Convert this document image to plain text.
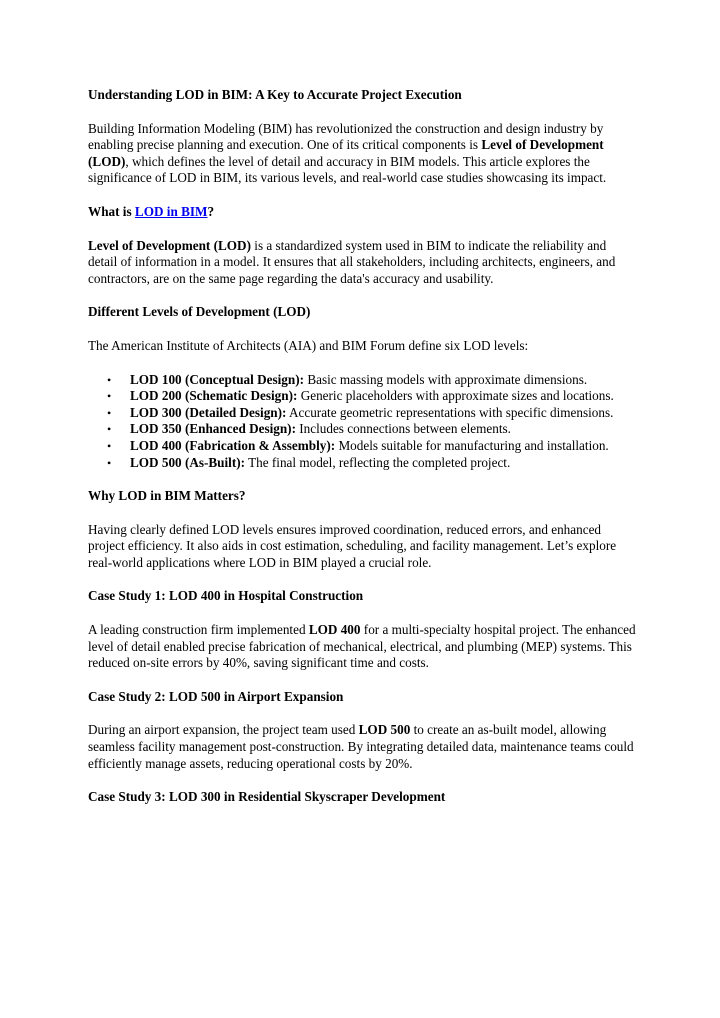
Understanding LOD in BIM: A Key to Accurate Project Execution

Building Information Modeling (BIM) has revolutionized the construction and design industry by enabling precise planning and execution. One of its critical components is Level of Development (LOD), which defines the level of detail and accuracy in BIM models. This article explores the significance of LOD in BIM, its various levels, and real-world case studies showcasing its impact.

What is LOD in BIM?

Level of Development (LOD) is a standardized system used in BIM to indicate the reliability and detail of information in a model. It ensures that all stakeholders, including architects, engineers, and contractors, are on the same page regarding the data's accuracy and usability.

Different Levels of Development (LOD)

The American Institute of Architects (AIA) and BIM Forum define six LOD levels:

• LOD 100 (Conceptual Design): Basic massing models with approximate dimensions.
• LOD 200 (Schematic Design): Generic placeholders with approximate sizes and locations.
• LOD 300 (Detailed Design): Accurate geometric representations with specific dimensions.
• LOD 350 (Enhanced Design): Includes connections between elements.
• LOD 400 (Fabrication & Assembly): Models suitable for manufacturing and installation.
• LOD 500 (As-Built): The final model, reflecting the completed project.
Why LOD in BIM Matters?

Having clearly defined LOD levels ensures improved coordination, reduced errors, and enhanced project efficiency. It also aids in cost estimation, scheduling, and facility management. Let’s explore real-world applications where LOD in BIM played a crucial role.

Case Study 1: LOD 400 in Hospital Construction

A leading construction firm implemented LOD 400 for a multi-specialty hospital project. The enhanced level of detail enabled precise fabrication of mechanical, electrical, and plumbing (MEP) systems. This reduced on-site errors by 40%, saving significant time and costs.

Case Study 2: LOD 500 in Airport Expansion

During an airport expansion, the project team used LOD 500 to create an as-built model, allowing seamless facility management post-construction. By integrating detailed data, maintenance teams could efficiently manage assets, reducing operational costs by 20%.

Case Study 3: LOD 300 in Residential Skyscraper Development
